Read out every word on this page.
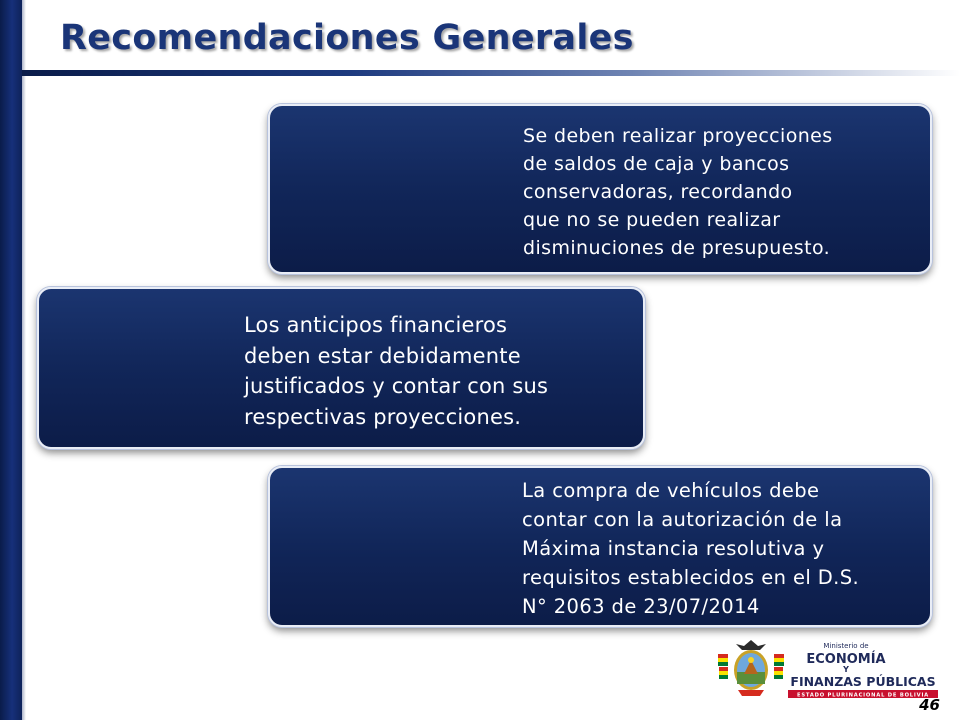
Recomendaciones Generales

Se deben realizar proyecciones
de saldos de caja y bancos
conservadoras, recordando
que no se pueden realizar
disminuciones de presupuesto.

Los anticipos financieros
deben estar debidamente
justificados y contar con sus
respectivas proyecciones.

La compra de vehículos debe
contar con la autorización de la
Máxima instancia resolutiva y
requisitos establecidos en el D.S.
N° 2063 de 23/07/2014

Ministerio de
ECONOMÍA
Y
FINANZAS PÚBLICAS
ESTADO PLURINACIONAL DE BOLIVIA
46
